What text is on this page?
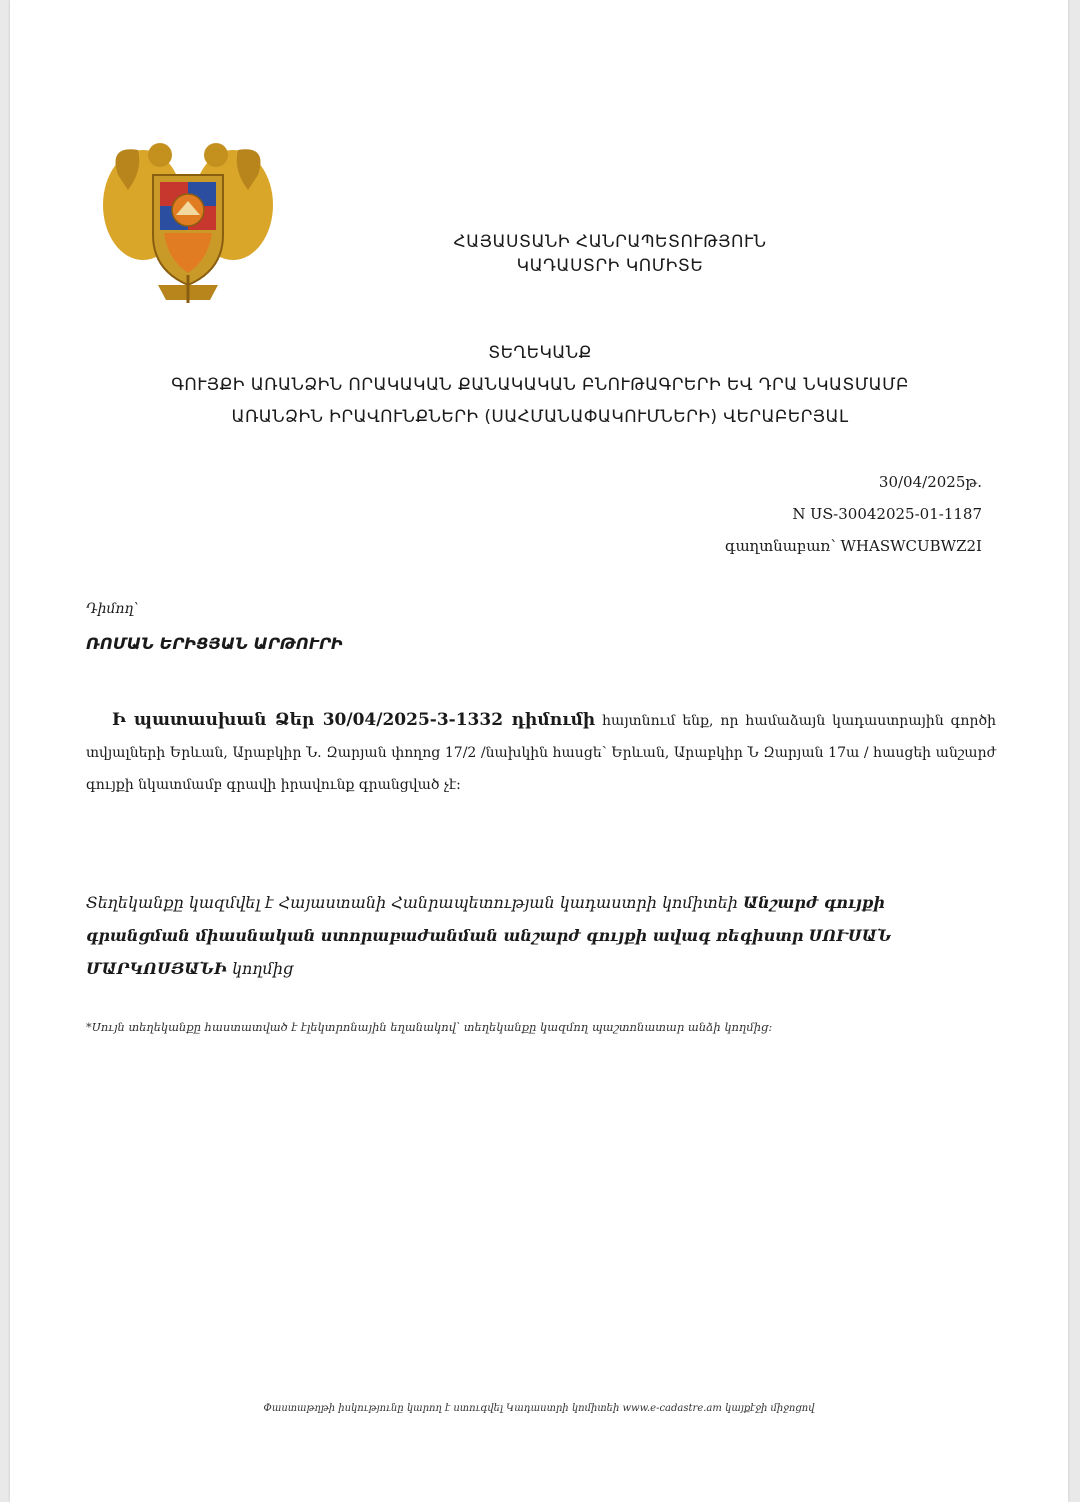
ՀԱՅԱՍՏԱՆԻ ՀԱՆՐԱՊԵՏՈՒԹՅՈՒՆ
ԿԱԴԱՍՏՐԻ ԿՈՄԻՏԵ
ՏԵՂԵԿԱՆՔ
ԳՈՒՅՔԻ ԱՌԱՆՁԻՆ ՈՐԱԿԱԿԱՆ ՔԱՆԱԿԱԿԱՆ ԲՆՈՒԹԱԳՐԵՐԻ ԵՎ ԴՐԱ ՆԿԱՏՄԱՄԲ
ԱՌԱՆՁԻՆ ԻՐԱՎՈՒՆՔՆԵՐԻ (ՍԱՀՄԱՆԱՓԱԿՈՒՄՆԵՐԻ) ՎԵՐԱԲԵՐՅԱԼ
30/04/2025թ.
N ՍՏ-30042025-01-1187
գաղտնաբառ՝ WHASWCUBWZ2I
Դիմող՝
ՌՈՄԱՆ ԵՐԻՑՅԱՆ ԱՐԹՈՒՐԻ
Ի պատասխան Ձեր 30/04/2025-3-1332 դիմումի հայտնում ենք, որ համաձայն կադաստրային գործի տվյալների Երևան, Արաբկիր Ն. Զարյան փողոց 17/2 /նախկին հասցե՝ Երևան, Արաբկիր Ն Զարյան 17ա / հասցեի անշարժ գույքի նկատմամբ գրավի իրավունք գրանցված չէ:
Տեղեկանքը կազմվել է Հայաստանի Հանրապետության կադաստրի կոմիտեի Անշարժ գույքի գրանցման միասնական ստորաբաժանման անշարժ գույքի ավագ ռեգիստր ՍՈՒՍԱՆ ՄԱՐԿՈՍՅԱՆԻ կողմից
*Սույն տեղեկանքը հաստատված է էլեկտրոնային եղանակով՝ տեղեկանքը կազմող պաշտոնատար անձի կողմից:
Փաստաթղթի իսկությունը կարող է ստուգվել Կադաստրի կոմիտեի www.e-cadastre.am կայքէջի միջոցով
